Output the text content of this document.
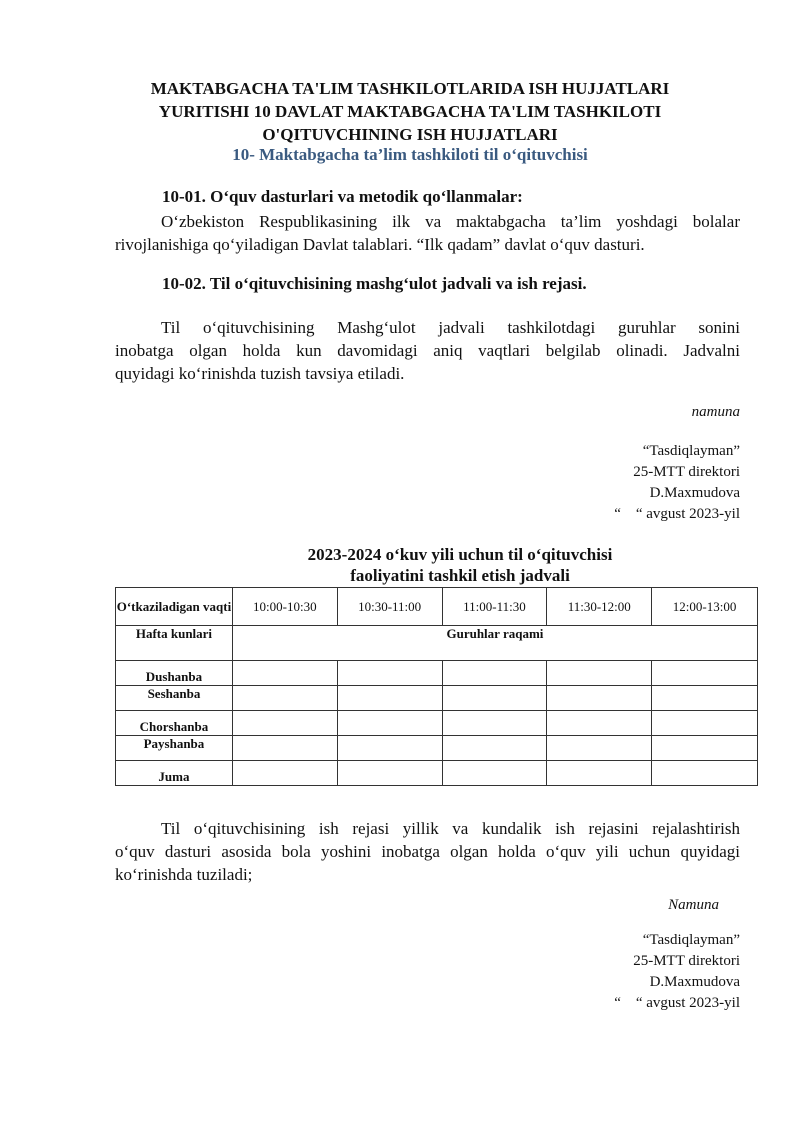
MAKTABGACHA TA'LIM TASHKILOTLARIDA ISH HUJJATLARI
YURITISHI 10 DAVLAT MAKTABGACHA TA'LIM TASHKILOTI
O'QITUVCHINING ISH HUJJATLARI
10- Maktabgacha ta’lim tashkiloti til o‘qituvchisi
10-01. O‘quv dasturlari va metodik qo‘llanmalar:
O‘zbekiston Respublikasining ilk va maktabgacha ta’lim yoshdagi bolalar
rivojlanishiga qo‘yiladigan Davlat talablari. “Ilk qadam” davlat o‘quv dasturi.
10-02. Til o‘qituvchisining mashg‘ulot jadvali va ish rejasi.
Til o‘qituvchisining Mashg‘ulot jadvali tashkilotdagi guruhlar sonini
inobatga olgan holda kun davomidagi aniq vaqtlari belgilab olinadi. Jadvalni
quyidagi ko‘rinishda tuzish tavsiya etiladi.
namuna
“Tasdiqlayman”
25-MTT direktori
D.Maxmudova
“    “ avgust 2023-yil
2023-2024 o‘kuv yili uchun til o‘qituvchisi
faoliyatini tashkil etish jadvali
O‘tkaziladigan vaqti	10:00-10:30	10:30-11:00	11:00-11:30	11:30-12:00	12:00-13:00
Hafta kunlari	Guruhlar raqami				
Dushanba					
Seshanba					
Chorshanba					
Payshanba					
Juma					
Til o‘qituvchisining ish rejasi yillik va kundalik ish rejasini rejalashtirish
o‘quv dasturi asosida bola yoshini inobatga olgan holda o‘quv yili uchun quyidagi
ko‘rinishda tuziladi;
Namuna
“Tasdiqlayman”
25-MTT direktori
D.Maxmudova
“    “ avgust 2023-yil
